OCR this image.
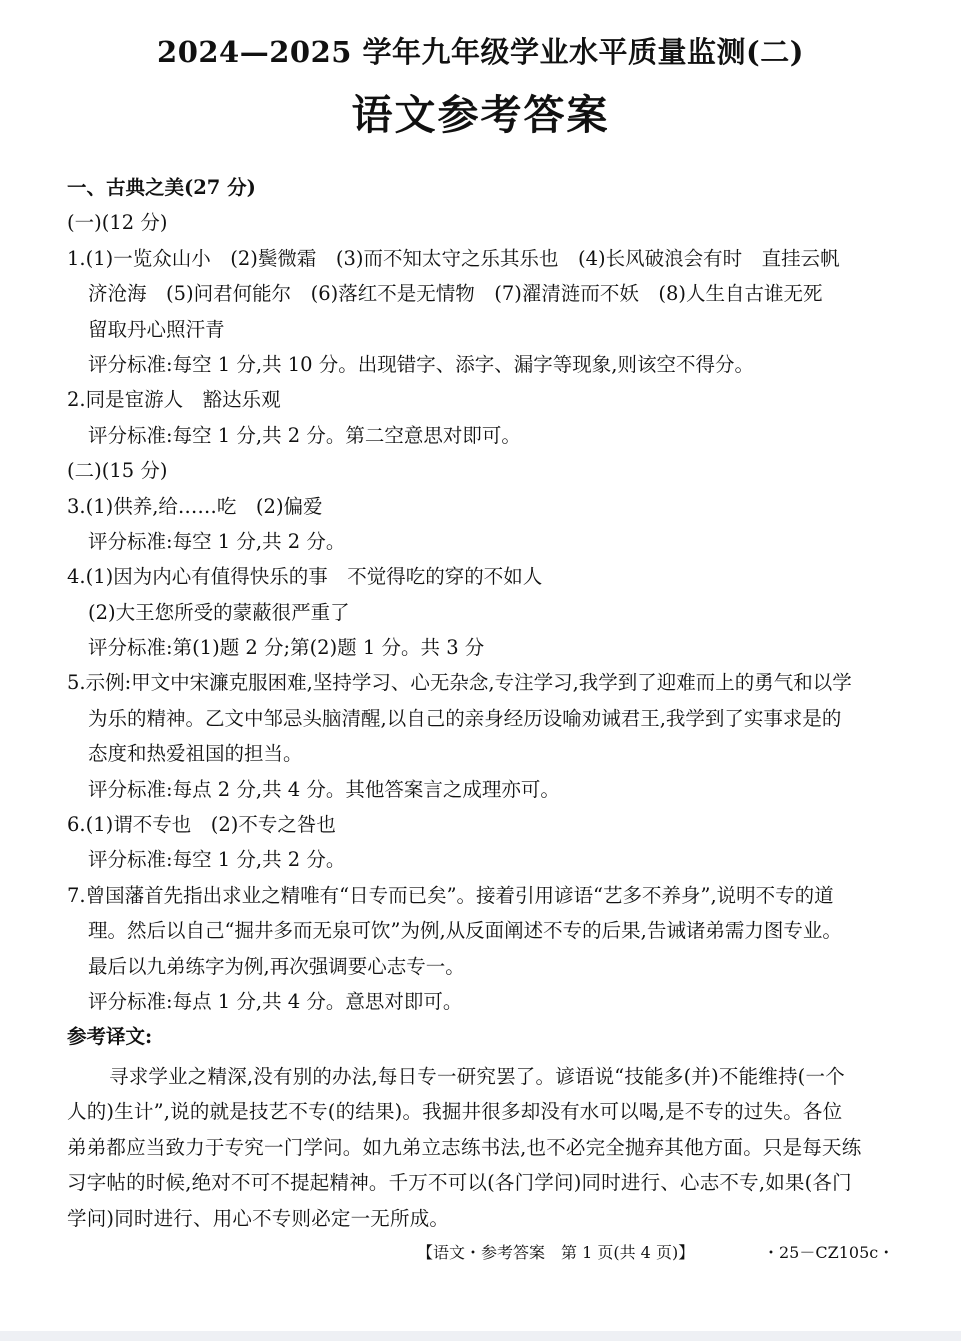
2024—2025 学年九年级学业水平质量监测(二)
语文参考答案
一、古典之美(27 分)
(一)(12 分)
1.(1)一览众山小　(2)鬓微霜　(3)而不知太守之乐其乐也　(4)长风破浪会有时　直挂云帆
济沧海　(5)问君何能尔　(6)落红不是无情物　(7)濯清涟而不妖　(8)人生自古谁无死
留取丹心照汗青
评分标准:每空 1 分,共 10 分。出现错字、添字、漏字等现象,则该空不得分。
2.同是宦游人　豁达乐观
评分标准:每空 1 分,共 2 分。第二空意思对即可。
(二)(15 分)
3.(1)供养,给……吃　(2)偏爱
评分标准:每空 1 分,共 2 分。
4.(1)因为内心有值得快乐的事　不觉得吃的穿的不如人
(2)大王您所受的蒙蔽很严重了
评分标准:第(1)题 2 分;第(2)题 1 分。共 3 分
5.示例:甲文中宋濂克服困难,坚持学习、心无杂念,专注学习,我学到了迎难而上的勇气和以学
为乐的精神。乙文中邹忌头脑清醒,以自己的亲身经历设喻劝诫君王,我学到了实事求是的
态度和热爱祖国的担当。
评分标准:每点 2 分,共 4 分。其他答案言之成理亦可。
6.(1)谓不专也　(2)不专之咎也
评分标准:每空 1 分,共 2 分。
7.曾国藩首先指出求业之精唯有“日专而已矣”。接着引用谚语“艺多不养身”,说明不专的道
理。然后以自己“掘井多而无泉可饮”为例,从反面阐述不专的后果,告诫诸弟需力图专业。
最后以九弟练字为例,再次强调要心志专一。
评分标准:每点 1 分,共 4 分。意思对即可。
参考译文:
寻求学业之精深,没有别的办法,每日专一研究罢了。谚语说“技能多(并)不能维持(一个
人的)生计”,说的就是技艺不专(的结果)。我掘井很多却没有水可以喝,是不专的过失。各位
弟弟都应当致力于专究一门学问。如九弟立志练书法,也不必完全抛弃其他方面。只是每天练
习字帖的时候,绝对不可不提起精神。千万不可以(各门学问)同时进行、心志不专,如果(各门
学问)同时进行、用心不专则必定一无所成。
【语文・参考答案　第 1 页(共 4 页)】	・25－CZ105c・
